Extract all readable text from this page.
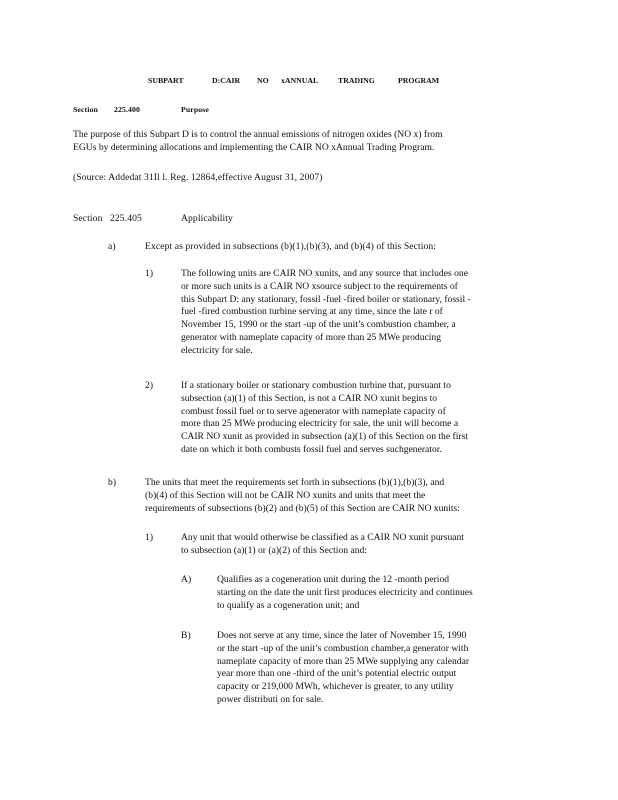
SUBPART	D:CAIR NO xANNUAL	TRADING	PROGRAM
Section 225.400	Purpose
The purpose of this Subpart D is to control the annual emissions of nitrogen oxides (NO x) from
EGUs by determining allocations and implementing the CAIR NO xAnnual Trading Program.
(Source: Addedat 31Il l. Reg. 12864,effective August 31, 2007)
Section 225.405	Applicability
a)	Except as provided in subsections (b)(1),(b)(3), and (b)(4) of this Section:
1)	The following units are CAIR NO xunits, and any source that includes one
or more such units is a CAIR NO xsource subject to the requirements of
this Subpart D: any stationary, fossil -fuel -fired boiler or stationary, fossil -
fuel -fired combustion turbine serving at any time, since the late r of
November 15, 1990 or the start -up of the unit’s combustion chamber, a
generator with nameplate capacity of more than 25 MWe producing
electricity for sale.
2)	If a stationary boiler or stationary combustion turbine that, pursuant to
subsection (a)(1) of this Section, is not a CAIR NO xunit begins to
combust fossil fuel or to serve agenerator with nameplate capacity of
more than 25 MWe producing electricity for sale, the unit will become a
CAIR NO xunit as provided in subsection (a)(1) of this Section on the first
date on which it both combusts fossil fuel and serves suchgenerator.
b)	The units that meet the requirements set forth in subsections (b)(1),(b)(3), and
(b)(4) of this Section will not be CAIR NO xunits and units that meet the
requirements of subsections (b)(2) and (b)(5) of this Section are CAIR NO xunits:
1)	Any unit that would otherwise be classified as a CAIR NO xunit pursuant
to subsection (a)(1) or (a)(2) of this Section and:
A)	Qualifies as a cogeneration unit during the 12 -month period
starting on the date the unit first produces electricity and continues
to qualify as a cogeneration unit; and
B)	Does not serve at any time, since the later of November 15, 1990
or the start -up of the unit’s combustion chamber,a generator with
nameplate capacity of more than 25 MWe supplying any calendar
year more than one -third of the unit’s potential electric output
capacity or 219,000 MWh, whichever is greater, to any utility
power distributi on for sale.
